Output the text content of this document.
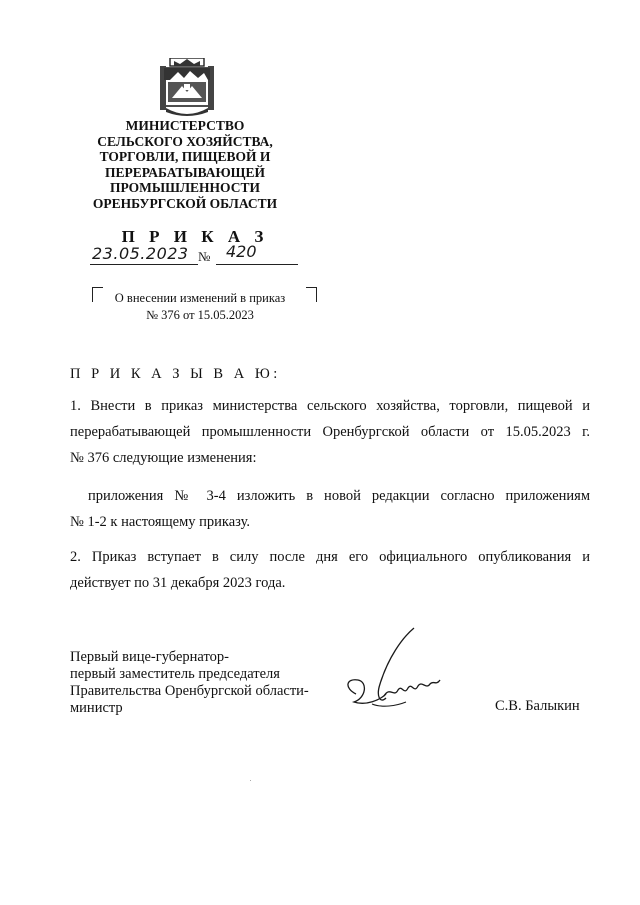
МИНИСТЕРСТВО
СЕЛЬСКОГО ХОЗЯЙСТВА,
ТОРГОВЛИ, ПИЩЕВОЙ И
ПЕРЕРАБАТЫВАЮЩЕЙ
ПРОМЫШЛЕННОСТИ
ОРЕНБУРГСКОЙ ОБЛАСТИ
П Р И К А З
23.05.2023 № 420
О внесении изменений в приказ
№ 376 от 15.05.2023
П Р И К А З Ы В А Ю:
1. Внести в приказ министерства сельского хозяйства, торговли, пищевой и
перерабатывающей промышленности Оренбургской области от 15.05.2023 г.
№ 376 следующие изменения:
приложения № 3-4 изложить в новой редакции согласно приложениям
№ 1-2 к настоящему приказу.
2. Приказ вступает в силу после дня его официального опубликования и
действует по 31 декабря 2023 года.
Первый вице-губернатор-
первый заместитель председателя
Правительства Оренбургской области-
министр	С.В. Балыкин
